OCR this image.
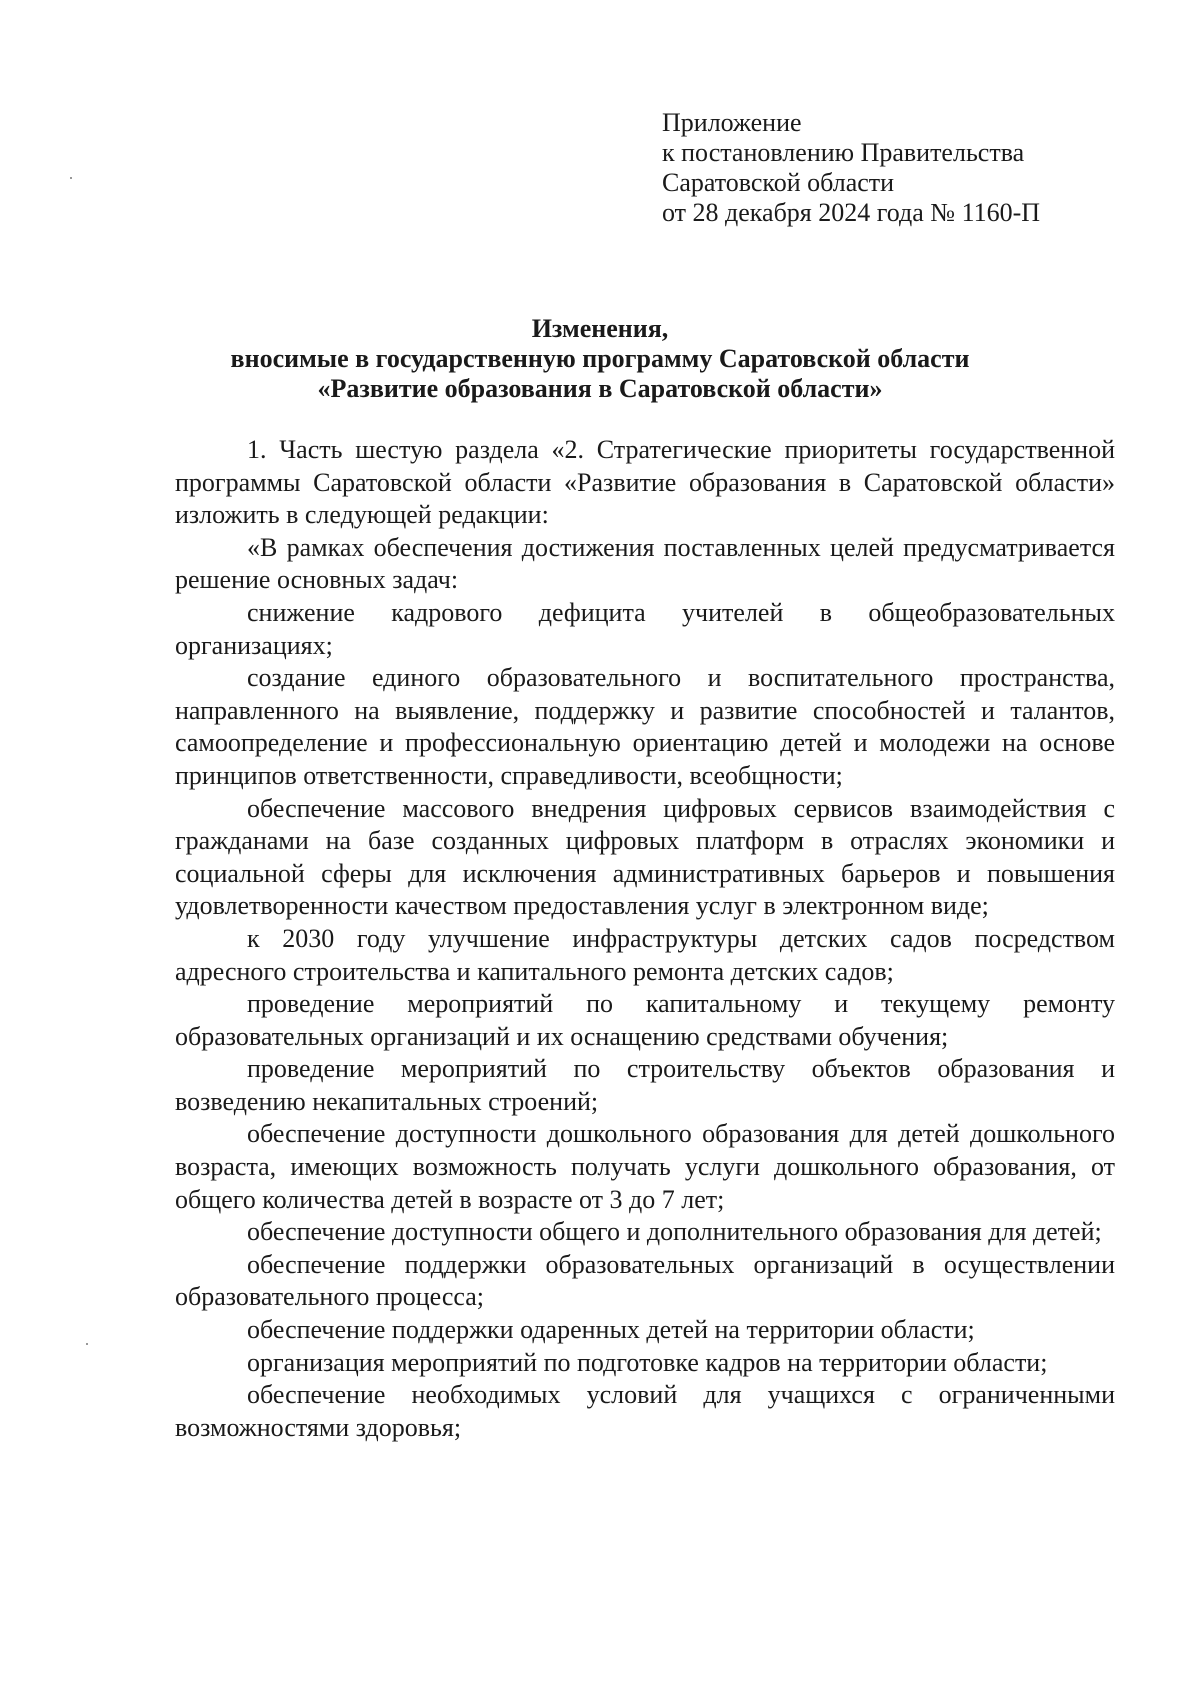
Приложение
к постановлению Правительства
Саратовской области
от 28 декабря 2024 года № 1160-П
Изменения,
вносимые в государственную программу Саратовской области
«Развитие образования в Саратовской области»

1. Часть шестую раздела «2. Стратегические приоритеты государственной программы Саратовской области «Развитие образования в Саратовской области» изложить в следующей редакции:

«В рамках обеспечения достижения поставленных целей предусматривается решение основных задач:

снижение кадрового дефицита учителей в общеобразовательных организациях;

создание единого образовательного и воспитательного пространства, направленного на выявление, поддержку и развитие способностей и талантов, самоопределение и профессиональную ориентацию детей и молодежи на основе принципов ответственности, справедливости, всеобщности;

обеспечение массового внедрения цифровых сервисов взаимодействия с гражданами на базе созданных цифровых платформ в отраслях экономики и социальной сферы для исключения административных барьеров и повышения удовлетворенности качеством предоставления услуг в электронном виде;

к 2030 году улучшение инфраструктуры детских садов посредством адресного строительства и капитального ремонта детских садов;

проведение мероприятий по капитальному и текущему ремонту образовательных организаций и их оснащению средствами обучения;

проведение мероприятий по строительству объектов образования и возведению некапитальных строений;

обеспечение доступности дошкольного образования для детей дошкольного возраста, имеющих возможность получать услуги дошкольного образования, от общего количества детей в возрасте от 3 до 7 лет;

обеспечение доступности общего и дополнительного образования для детей;

обеспечение поддержки образовательных организаций в осуществлении образовательного процесса;

обеспечение поддержки одаренных детей на территории области;

организация мероприятий по подготовке кадров на территории области;

обеспечение необходимых условий для учащихся с ограниченными возможностями здоровья;
